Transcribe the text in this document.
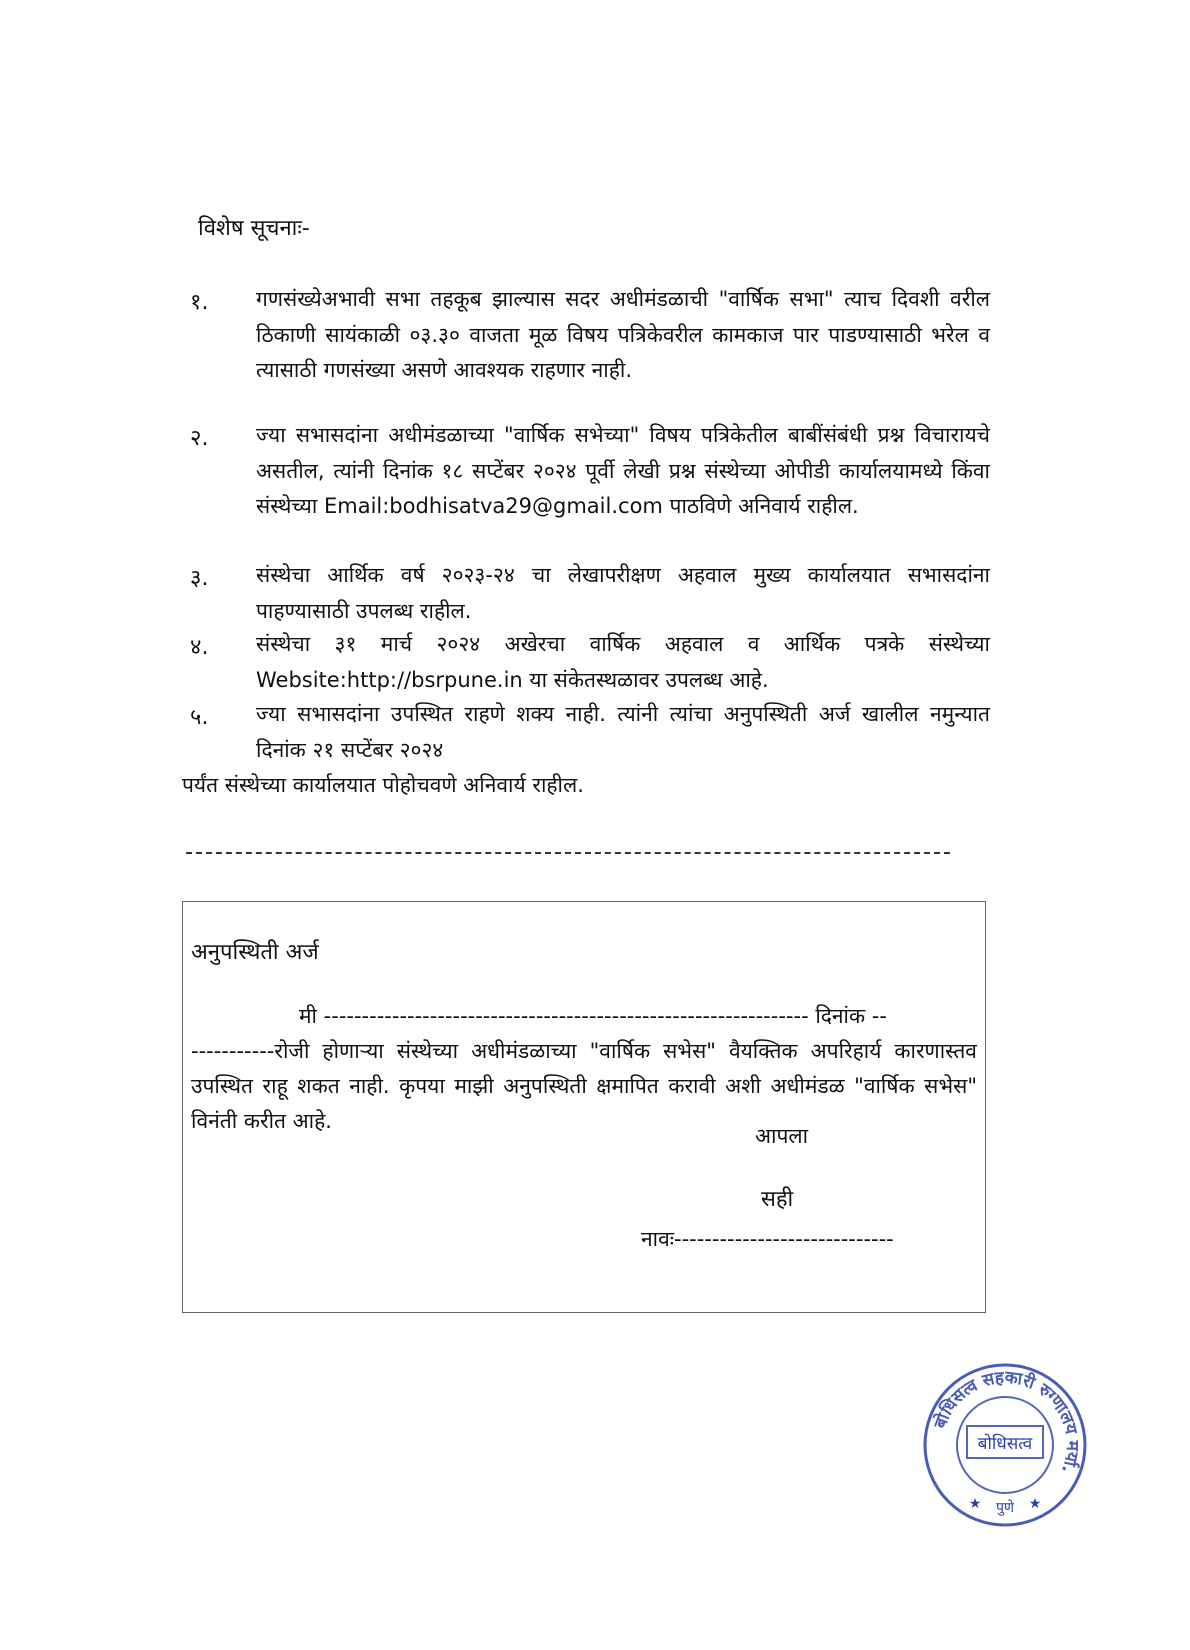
विशेष सूचनाः-
१.	गणसंख्येअभावी सभा तहकूब झाल्यास सदर अधीमंडळाची "वार्षिक सभा" त्याच दिवशी वरील ठिकाणी सायंकाळी ०३.३० वाजता मूळ विषय पत्रिकेवरील कामकाज पार पाडण्यासाठी भरेल व त्यासाठी गणसंख्या असणे आवश्यक राहणार नाही.
२.	ज्या सभासदांना अधीमंडळाच्या "वार्षिक सभेच्या" विषय पत्रिकेतील बाबींसंबंधी प्रश्न विचारायचे असतील, त्यांनी दिनांक १८ सप्टेंबर २०२४ पूर्वी लेखी प्रश्न संस्थेच्या ओपीडी कार्यालयामध्ये किंवा संस्थेच्या Email:bodhisatva29@gmail.com पाठविणे अनिवार्य राहील.
३.	संस्थेचा आर्थिक वर्ष २०२३-२४ चा लेखापरीक्षण अहवाल मुख्य कार्यालयात सभासदांना पाहण्यासाठी उपलब्ध राहील.
४.	संस्थेचा ३१ मार्च २०२४ अखेरचा वार्षिक अहवाल व आर्थिक पत्रके संस्थेच्या Website:http://bsrpune.in या संकेतस्थळावर उपलब्ध आहे.
५.	ज्या सभासदांना उपस्थित राहणे शक्य नाही. त्यांनी त्यांचा अनुपस्थिती अर्ज खालील नमुन्यात दिनांक २१ सप्टेंबर २०२४
पर्यंत संस्थेच्या कार्यालयात पोहोचवणे अनिवार्य राहील.
अनुपस्थिती अर्ज
मी ---------------------------------------------------------------- दिनांक --
-----------रोजी होणाऱ्या संस्थेच्या अधीमंडळाच्या "वार्षिक सभेस" वैयक्तिक अपरिहार्य कारणास्तव उपस्थित राहू शकत नाही. कृपया माझी अनुपस्थिती क्षमापित करावी अशी अधीमंडळ "वार्षिक सभेस" विनंती करीत आहे.
आपला
सही
नावः-----------------------------
बोधिसत्व सहकारी रुग्णालय मर्या.
बोधिसत्व
पुणे
★	★
